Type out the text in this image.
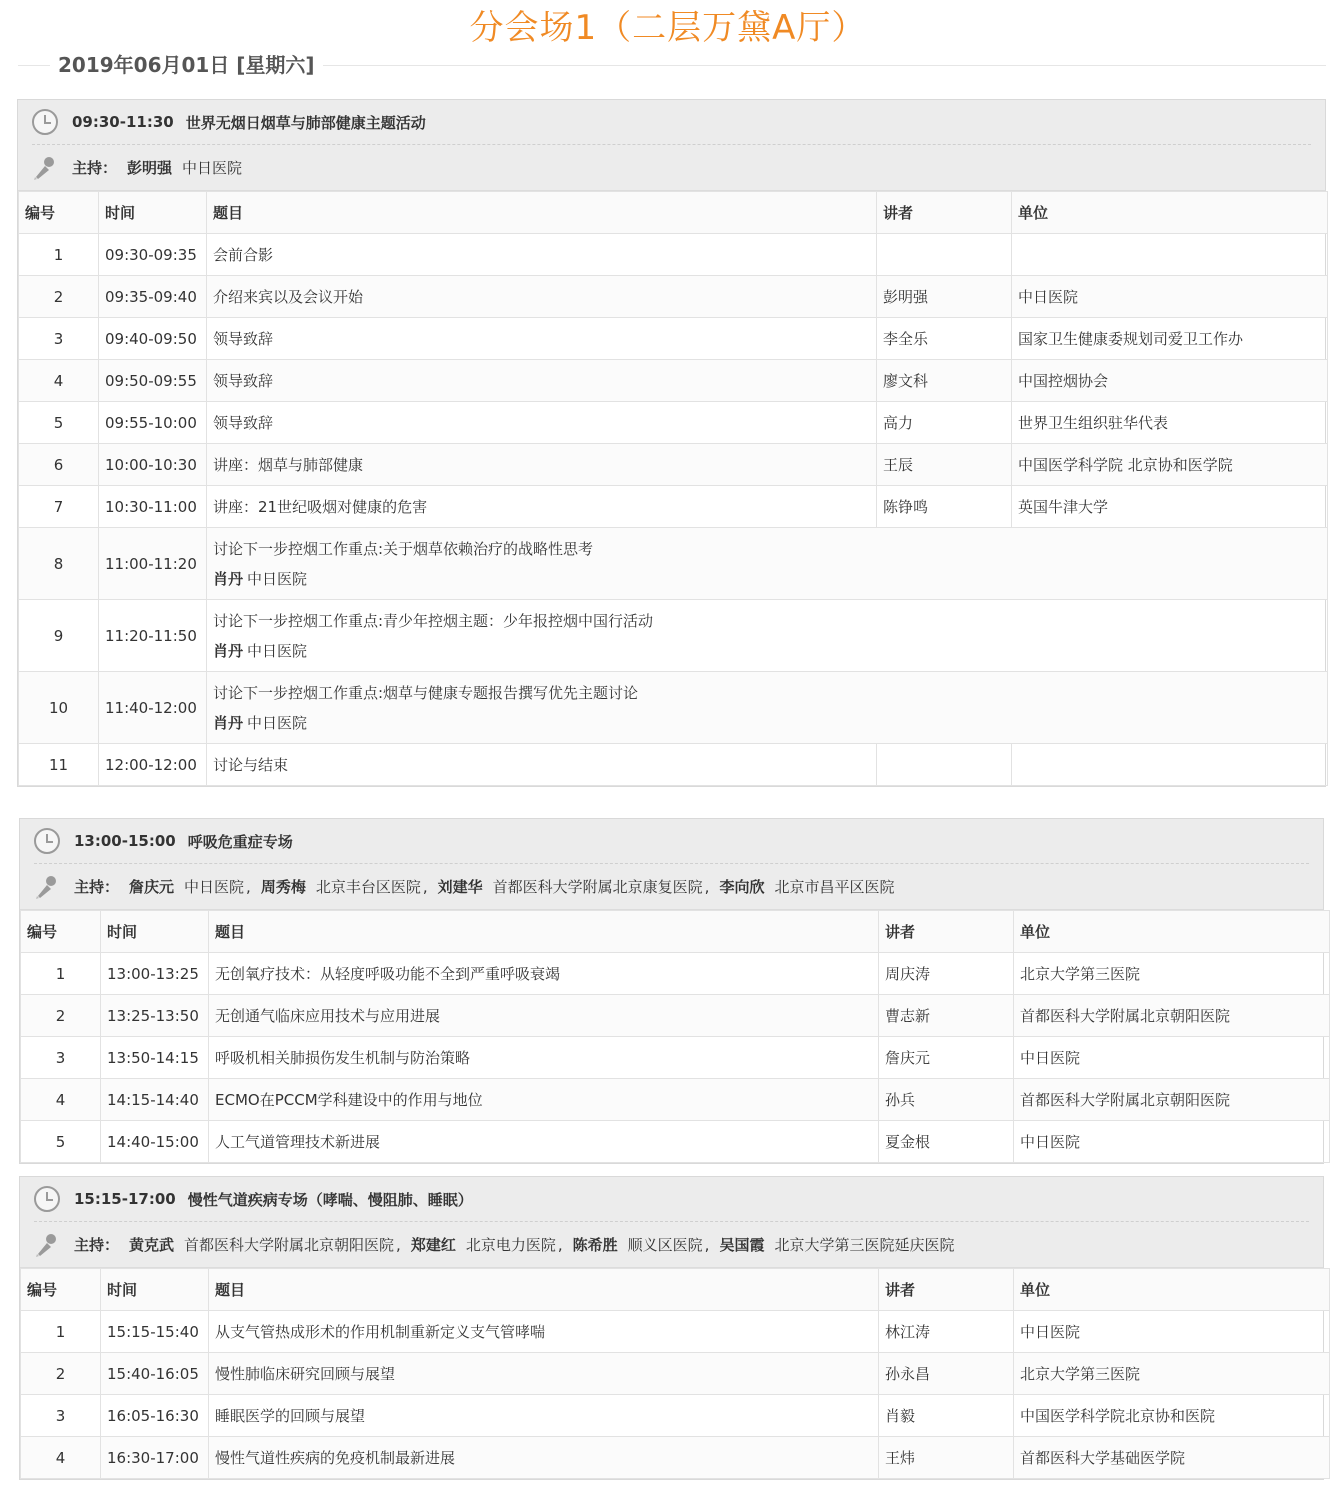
分会场1（二层万黛A厅）
2019年06月01日 [星期六]
09:30-11:30 世界无烟日烟草与肺部健康主题活动
主持： 彭明强 中日医院
编号	时间	题目	讲者	单位
1	09:30-09:35	会前合影		
2	09:35-09:40	介绍来宾以及会议开始	彭明强	中日医院
3	09:40-09:50	领导致辞	李全乐	国家卫生健康委规划司爱卫工作办
4	09:50-09:55	领导致辞	廖文科	中国控烟协会
5	09:55-10:00	领导致辞	高力	世界卫生组织驻华代表
6	10:00-10:30	讲座：烟草与肺部健康	王辰	中国医学科学院 北京协和医学院
7	10:30-11:00	讲座：21世纪吸烟对健康的危害	陈铮鸣	英国牛津大学
8	11:00-11:20	讨论下一步控烟工作重点:关于烟草依赖治疗的战略性思考
肖丹 中日医院		

9	11:20-11:50	讨论下一步控烟工作重点:青少年控烟主题：少年报控烟中国行活动
肖丹 中日医院		

10	11:40-12:00	讨论下一步控烟工作重点:烟草与健康专题报告撰写优先主题讨论
肖丹 中日医院		

11	12:00-12:00	讨论与结束		
13:00-15:00 呼吸危重症专场
主持： 詹庆元 中日医院 , 周秀梅 北京丰台区医院 , 刘建华 首都医科大学附属北京康复医院 , 李向欣 北京市昌平区医院
编号	时间	题目	讲者	单位
1	13:00-13:25	无创氧疗技术：从轻度呼吸功能不全到严重呼吸衰竭	周庆涛	北京大学第三医院
2	13:25-13:50	无创通气临床应用技术与应用进展	曹志新	首都医科大学附属北京朝阳医院
3	13:50-14:15	呼吸机相关肺损伤发生机制与防治策略	詹庆元	中日医院
4	14:15-14:40	ECMO在PCCM学科建设中的作用与地位	孙兵	首都医科大学附属北京朝阳医院
5	14:40-15:00	人工气道管理技术新进展	夏金根	中日医院
15:15-17:00 慢性气道疾病专场（哮喘、慢阻肺、睡眠）
主持： 黄克武 首都医科大学附属北京朝阳医院 , 郑建红 北京电力医院 , 陈希胜 顺义区医院 , 吴国霞 北京大学第三医院延庆医院
编号	时间	题目	讲者	单位
1	15:15-15:40	从支气管热成形术的作用机制重新定义支气管哮喘	林江涛	中日医院
2	15:40-16:05	慢性肺临床研究回顾与展望	孙永昌	北京大学第三医院
3	16:05-16:30	睡眠医学的回顾与展望	肖毅	中国医学科学院北京协和医院
4	16:30-17:00	慢性气道性疾病的免疫机制最新进展	王炜	首都医科大学基础医学院
